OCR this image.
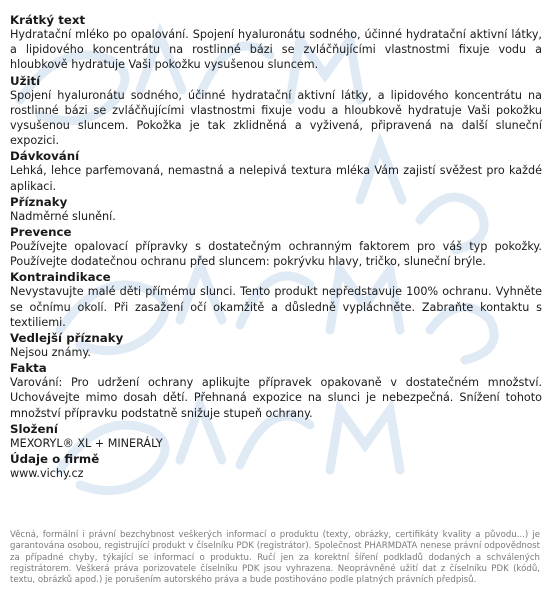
Krátký text

Hydratační mléko po opalování. Spojení hyaluronátu sodného, účinné hydratační aktivní látky, a lipidového koncentrátu na rostlinné bázi se zvláčňujícími vlastnostmi fixuje vodu a hloubkově hydratuje Vaši pokožku vysušenou sluncem.

Užití

Spojení hyaluronátu sodného, účinné hydratační aktivní látky, a lipidového koncentrátu na rostlinné bázi se zvláčňujícími vlastnostmi fixuje vodu a hloubkově hydratuje Vaši pokožku vysušenou sluncem. Pokožka je tak zklidněná a vyživená, připravená na další sluneční expozici.

Dávkování

Lehká, lehce parfemovaná, nemastná a nelepivá textura mléka Vám zajistí svěžest pro každé aplikaci.

Příznaky

Nadměrné slunění.

Prevence

Používejte opalovací přípravky s dostatečným ochranným faktorem pro váš typ pokožky. Používejte dodatečnou ochranu před sluncem: pokrývku hlavy, tričko, sluneční brýle.

Kontraindikace

Nevystavujte malé děti přímému slunci. Tento produkt nepředstavuje 100% ochranu. Vyhněte se očnímu okolí. Při zasažení očí okamžitě a důsledně vypláchněte. Zabraňte kontaktu s textiliemi.

Vedlejší příznaky

Nejsou známy.

Fakta

Varování: Pro udržení ochrany aplikujte přípravek opakovaně v dostatečném množství. Uchovávejte mimo dosah dětí. Přehnaná expozice na slunci je nebezpečná. Snížení tohoto množství přípravku podstatně snižuje stupeň ochrany.

Složení

MEXORYL® XL + MINERÁLY

Údaje o firmě

www.vichy.cz

Věcná, formální i právní bezchybnost veškerých informací o produktu (texty, obrázky, certifikáty kvality a původu...) je garantována osobou, registrující produkt v číselníku PDK (registrátor). Společnost PHARMDATA nenese právní odpovědnost za případné chyby, týkající se informací o produktu. Ručí jen za korektní šíření podkladů dodaných a schválených registrátorem. Veškerá práva porizovatele číselníku PDK jsou vyhrazena. Neoprávněné užití dat z číselníku PDK (kódů, textu, obrázků apod.) je porušením autorského práva a bude postihováno podle platných právních předpisů.
